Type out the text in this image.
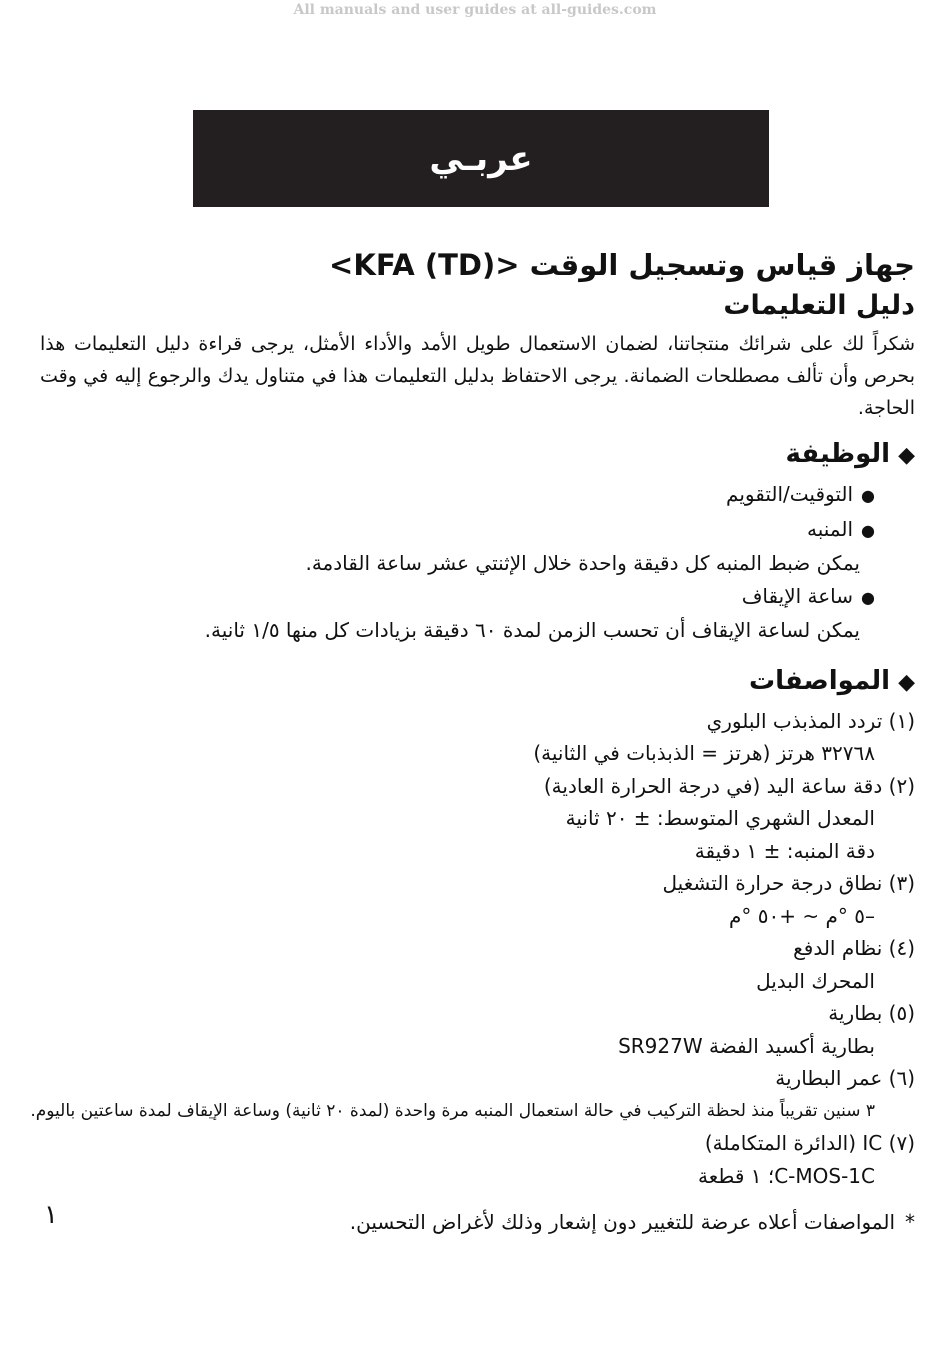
All manuals and user guides at all-guides.com
عربـي

جهاز قياس وتسجيل الوقت <KFA (TD)>

دليل التعليمات

شكراً لك على شرائك منتجاتنا، لضمان الاستعمال طويل الأمد والأداء الأمثل، يرجى قراءة دليل التعليمات هذا بحرص وأن تألف مصطلحات الضمانة. يرجى الاحتفاظ بدليل التعليمات هذا في متناول يدك والرجوع إليه في وقت الحاجة.

◆الوظيفة

●التوقيت/التقويم

●المنبه

يمكن ضبط المنبه كل دقيقة واحدة خلال الإثنتي عشر ساعة القادمة.

●ساعة الإيقاف

يمكن لساعة الإيقاف أن تحسب الزمن لمدة ٦٠ دقيقة بزيادات كل منها ١/٥ ثانية.

◆المواصفات

(١) تردد المذبذب البلوري

٣٢٧٦٨ هرتز (هرتز = الذبذبات في الثانية)

(٢) دقة ساعة اليد (في درجة الحرارة العادية)

المعدل الشهري المتوسط: ± ٢٠ ثانية

دقة المنبه: ± ١ دقيقة

(٣) نطاق درجة حرارة التشغيل

–٥ °م ~ +٥٠ °م

(٤) نظام الدفع

المحرك البديل

(٥) بطارية

بطارية أكسيد الفضة SR927W

(٦) عمر البطارية

٣ سنين تقريباً منذ لحظة التركيب في حالة استعمال المنبه مرة واحدة (لمدة ٢٠ ثانية) وساعة الإيقاف لمدة ساعتين باليوم.

(٧) IC (الدائرة المتكاملة)

C-MOS-1C؛ ١ قطعة

*المواصفات أعلاه عرضة للتغيير دون إشعار وذلك لأغراض التحسين.

١
